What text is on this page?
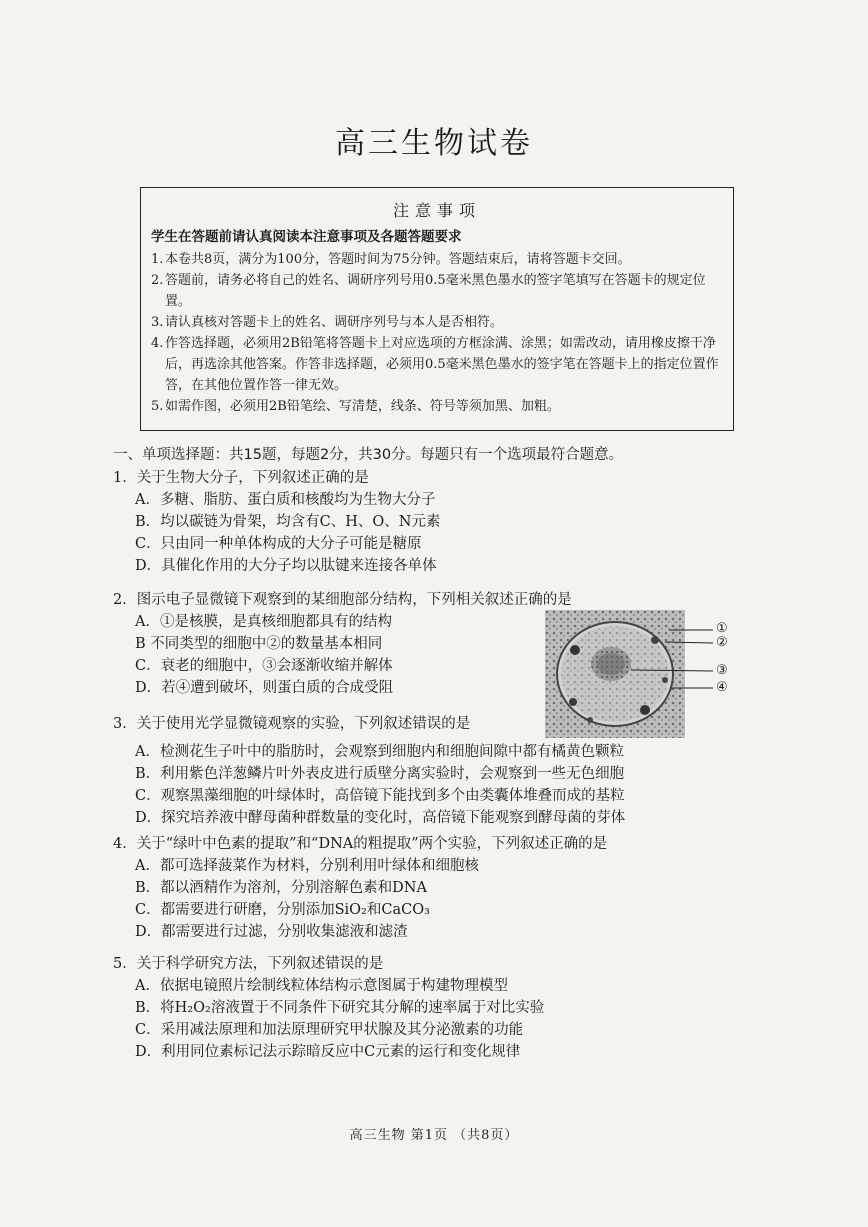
高三生物试卷
注意事项
学生在答题前请认真阅读本注意事项及各题答题要求
1. 本卷共8页，满分为100分，答题时间为75分钟。答题结束后，请将答题卡交回。
2. 答题前，请务必将自己的姓名、调研序列号用0.5毫米黑色墨水的签字笔填写在答题卡的规定位置。
3. 请认真核对答题卡上的姓名、调研序列号与本人是否相符。
4. 作答选择题，必须用2B铅笔将答题卡上对应选项的方框涂满、涂黑；如需改动，请用橡皮擦干净后，再选涂其他答案。作答非选择题，必须用0.5毫米黑色墨水的签字笔在答题卡上的指定位置作答，在其他位置作答一律无效。
5. 如需作图，必须用2B铅笔绘、写清楚，线条、符号等须加黑、加粗。
一、单项选择题：共15题，每题2分，共30分。每题只有一个选项最符合题意。
1．关于生物大分子，下列叙述正确的是
A．多糖、脂肪、蛋白质和核酸均为生物大分子
B．均以碳链为骨架，均含有C、H、O、N元素
C．只由同一种单体构成的大分子可能是糖原
D．具催化作用的大分子均以肽键来连接各单体
2．图示电子显微镜下观察到的某细胞部分结构，下列相关叙述正确的是
A．①是核膜，是真核细胞都具有的结构
B 不同类型的细胞中②的数量基本相同
C．衰老的细胞中，③会逐渐收缩并解体
D．若④遭到破坏，则蛋白质的合成受阻
①
②
③
④
3．关于使用光学显微镜观察的实验，下列叙述错误的是
A．检测花生子叶中的脂肪时，会观察到细胞内和细胞间隙中都有橘黄色颗粒
B．利用紫色洋葱鳞片叶外表皮进行质壁分离实验时，会观察到一些无色细胞
C．观察黑藻细胞的叶绿体时，高倍镜下能找到多个由类囊体堆叠而成的基粒
D．探究培养液中酵母菌种群数量的变化时，高倍镜下能观察到酵母菌的芽体
4．关于“绿叶中色素的提取”和“DNA的粗提取”两个实验，下列叙述正确的是
A．都可选择菠菜作为材料，分别利用叶绿体和细胞核
B．都以酒精作为溶剂，分别溶解色素和DNA
C．都需要进行研磨，分别添加SiO₂和CaCO₃
D．都需要进行过滤，分别收集滤液和滤渣
5．关于科学研究方法，下列叙述错误的是
A．依据电镜照片绘制线粒体结构示意图属于构建物理模型
B．将H₂O₂溶液置于不同条件下研究其分解的速率属于对比实验
C．采用减法原理和加法原理研究甲状腺及其分泌激素的功能
D．利用同位素标记法示踪暗反应中C元素的运行和变化规律
高三生物 第1页 （共8页）
